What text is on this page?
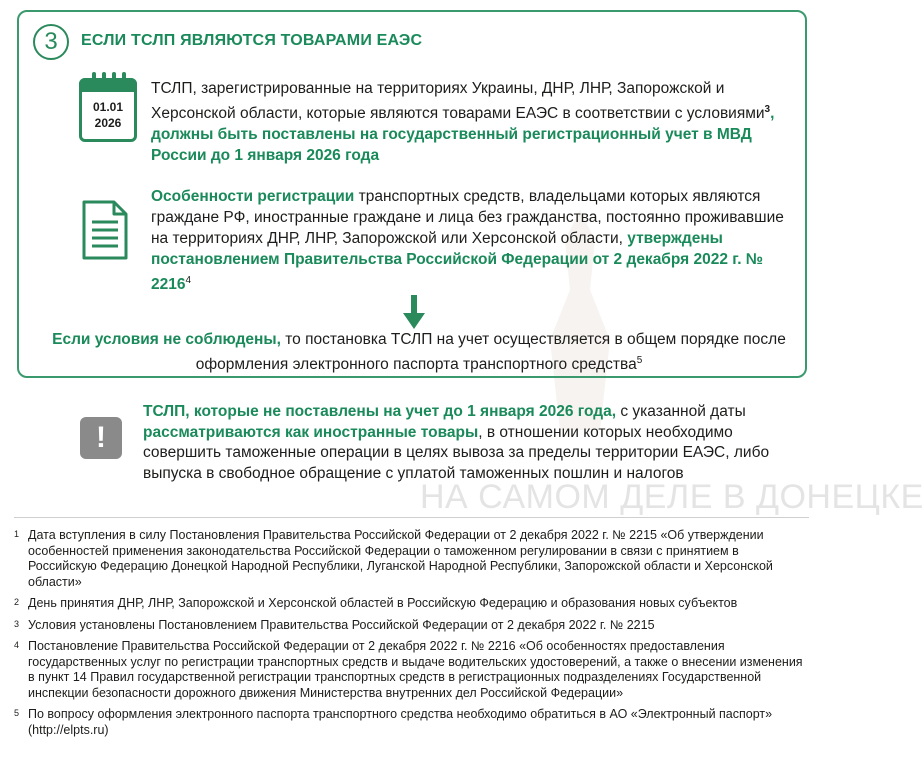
НА САМОМ ДЕЛЕ В ДОНЕЦКЕ
3	ЕСЛИ ТСЛП ЯВЛЯЮТСЯ ТОВАРАМИ ЕАЭС
01.01
2026
ТСЛП, зарегистрированные на территориях Украины, ДНР, ЛНР, Запорожской и Херсонской области, которые являются товарами ЕАЭС в соответствии с условиями$^3$, должны быть поставлены на государственный регистрационный учет в МВД России до 1 января 2026 года
Особенности регистрации транспортных средств, владельцами которых являются граждане РФ, иностранные граждане и лица без гражданства, постоянно проживавшие на территориях ДНР, ЛНР, Запорожской или Херсонской области, утверждены постановлением Правительства Российской Федерации от 2 декабря 2022 г. № 2216$^4$
Если условия не соблюдены, то постановка ТСЛП на учет осуществляется в общем порядке после оформления электронного паспорта транспортного средства$^5$
!
ТСЛП, которые не поставлены на учет до 1 января 2026 года, с указанной даты рассматриваются как иностранные товары, в отношении которых необходимо совершить таможенные операции в целях вывоза за пределы территории ЕАЭС, либо выпуска в свободное обращение с уплатой таможенных пошлин и налогов
1 Дата вступления в силу Постановления Правительства Российской Федерации от 2 декабря 2022 г. № 2215 «Об утверждении особенностей применения законодательства Российской Федерации о таможенном регулировании в связи с принятием в Российскую Федерацию Донецкой Народной Республики, Луганской Народной Республики, Запорожской области и Херсонской области»
2 День принятия ДНР, ЛНР, Запорожской и Херсонской областей в Российскую Федерацию и образования новых субъектов
3 Условия установлены Постановлением Правительства Российской Федерации от 2 декабря 2022 г. № 2215
4 Постановление Правительства Российской Федерации от 2 декабря 2022 г. № 2216 «Об особенностях предоставления государственных услуг по регистрации транспортных средств и выдаче водительских удостоверений, а также о внесении изменения в пункт 14 Правил государственной регистрации транспортных средств в регистрационных подразделениях Государственной инспекции безопасности дорожного движения Министерства внутренних дел Российской Федерации»
5 По вопросу оформления электронного паспорта транспортного средства необходимо обратиться в АО «Электронный паспорт» (http://elpts.ru)
